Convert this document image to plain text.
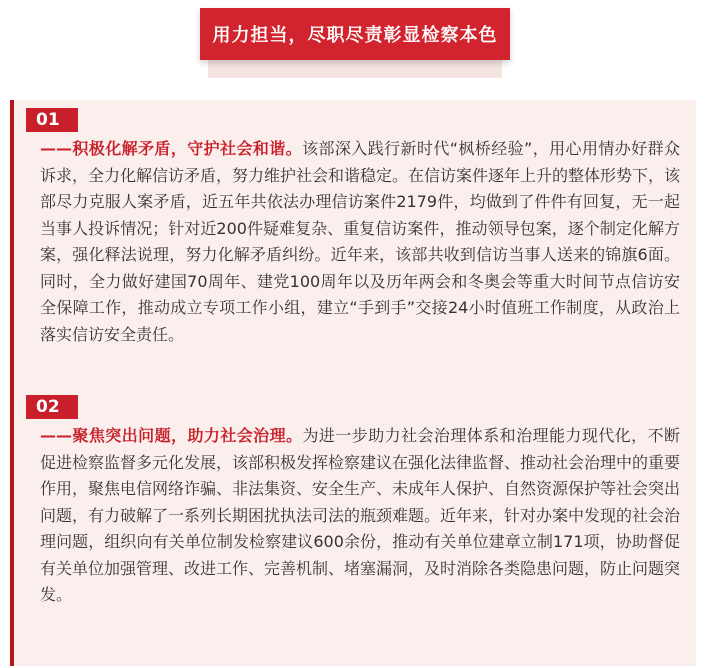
用力担当，尽职尽责彰显检察本色
01

——积极化解矛盾，守护社会和谐。该部深入践行新时代“枫桥经验”，用心用情办好群众诉求，全力化解信访矛盾，努力维护社会和谐稳定。在信访案件逐年上升的整体形势下，该部尽力克服人案矛盾，近五年共依法办理信访案件2179件，均做到了件件有回复，无一起当事人投诉情况；针对近200件疑难复杂、重复信访案件，推动领导包案，逐个制定化解方案，强化释法说理，努力化解矛盾纠纷。近年来，该部共收到信访当事人送来的锦旗6面。同时，全力做好建国70周年、建党100周年以及历年两会和冬奥会等重大时间节点信访安全保障工作，推动成立专项工作小组，建立“手到手”交接24小时值班工作制度，从政治上落实信访安全责任。

02

——聚焦突出问题，助力社会治理。为进一步助力社会治理体系和治理能力现代化，不断促进检察监督多元化发展，该部积极发挥检察建议在强化法律监督、推动社会治理中的重要作用，聚焦电信网络诈骗、非法集资、安全生产、未成年人保护、自然资源保护等社会突出问题，有力破解了一系列长期困扰执法司法的瓶颈难题。近年来，针对办案中发现的社会治理问题，组织向有关单位制发检察建议600余份，推动有关单位建章立制171项，协助督促有关单位加强管理、改进工作、完善机制、堵塞漏洞，及时消除各类隐患问题，防止问题突发。
